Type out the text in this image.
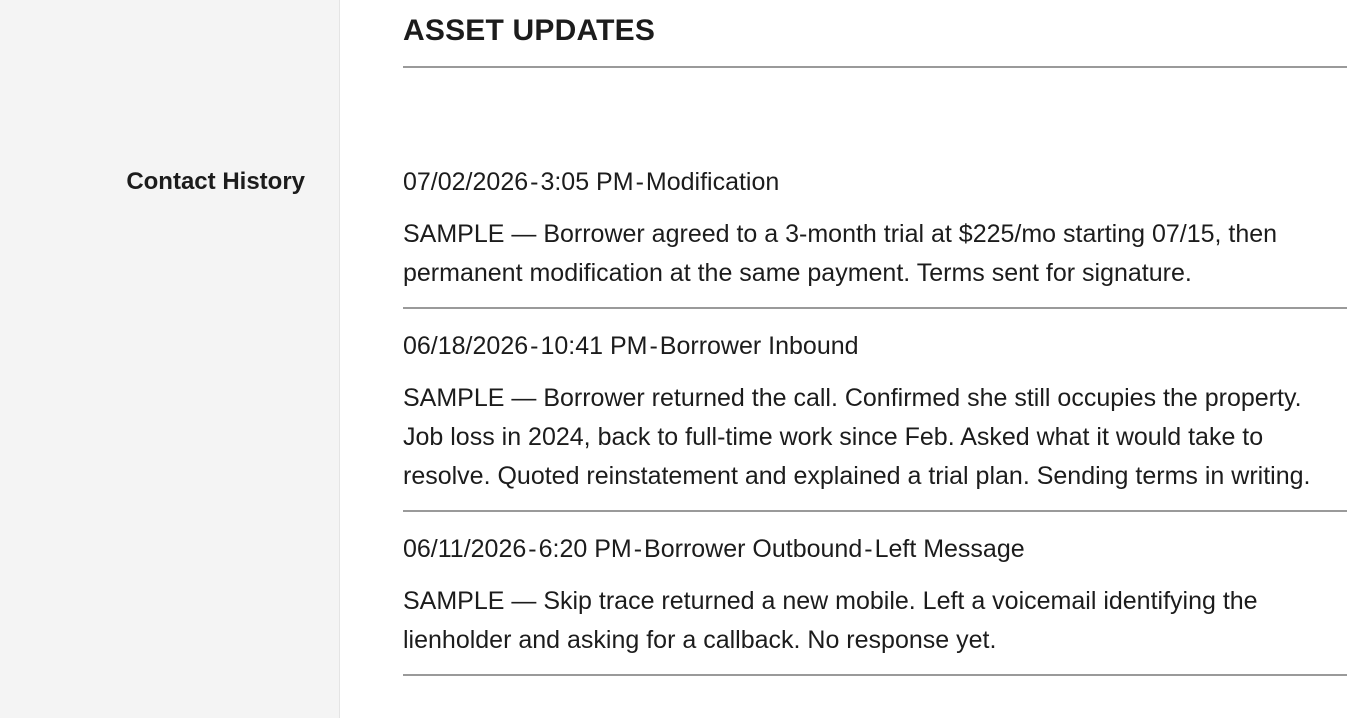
Contact History
ASSET UPDATES
07/02/2026-3:05 PM-Modification
SAMPLE — Borrower agreed to a 3-month trial at $225/mo starting 07/15, then permanent modification at the same payment. Terms sent for signature.
06/18/2026-10:41 PM-Borrower Inbound
SAMPLE — Borrower returned the call. Confirmed she still occupies the property. Job loss in 2024, back to full-time work since Feb. Asked what it would take to resolve. Quoted reinstatement and explained a trial plan. Sending terms in writing.
06/11/2026-6:20 PM-Borrower Outbound-Left Message
SAMPLE — Skip trace returned a new mobile. Left a voicemail identifying the lienholder and asking for a callback. No response yet.
